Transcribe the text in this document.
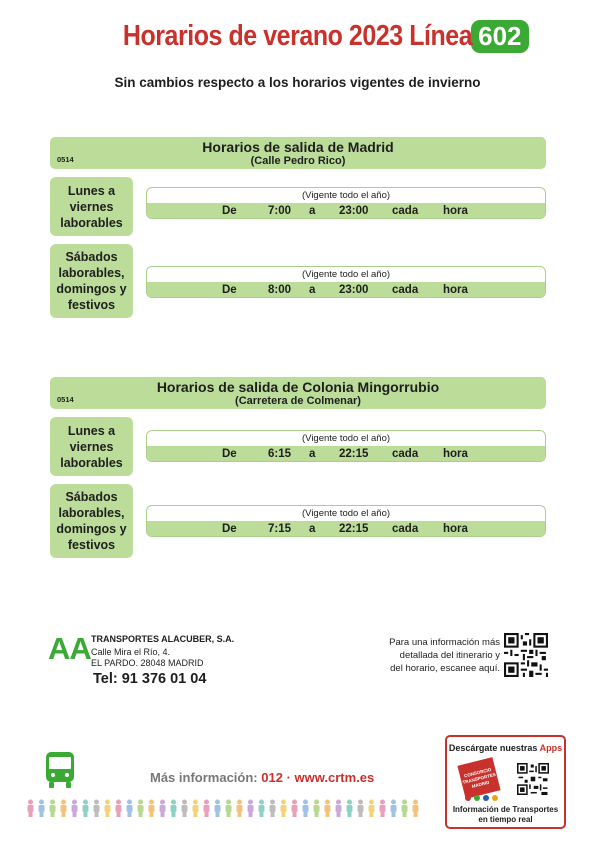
Horarios de verano 2023 Línea 602
Sin cambios respecto a los horarios vigentes de invierno
Horarios de salida de Madrid
(Calle Pedro Rico)
0514
Lunes a viernes laborables
(Vigente todo el año)
De	7:00 a 23:00 cada hora
Sábados laborables, domingos y festivos
(Vigente todo el año)
De	8:00 a 23:00 cada hora
Horarios de salida de Colonia Mingorrubio
(Carretera de Colmenar)
0514
Lunes a viernes laborables
(Vigente todo el año)
De	6:15 a 22:15 cada hora
Sábados laborables, domingos y festivos
(Vigente todo el año)
De	7:15 a 22:15 cada hora
AA TRANSPORTES ALACUBER, S.A.
Calle Mira el Río, 4.
EL PARDO. 28048 MADRID
Tel: 91 376 01 04
Para una información más
detallada del itinerario y
del horario, escanee aquí.
Más información: 012 · www.crtm.es
Descárgate nuestras Apps
CONSORCIO TRANSPORTES MADRID
Información de Transportes
en tiempo real
